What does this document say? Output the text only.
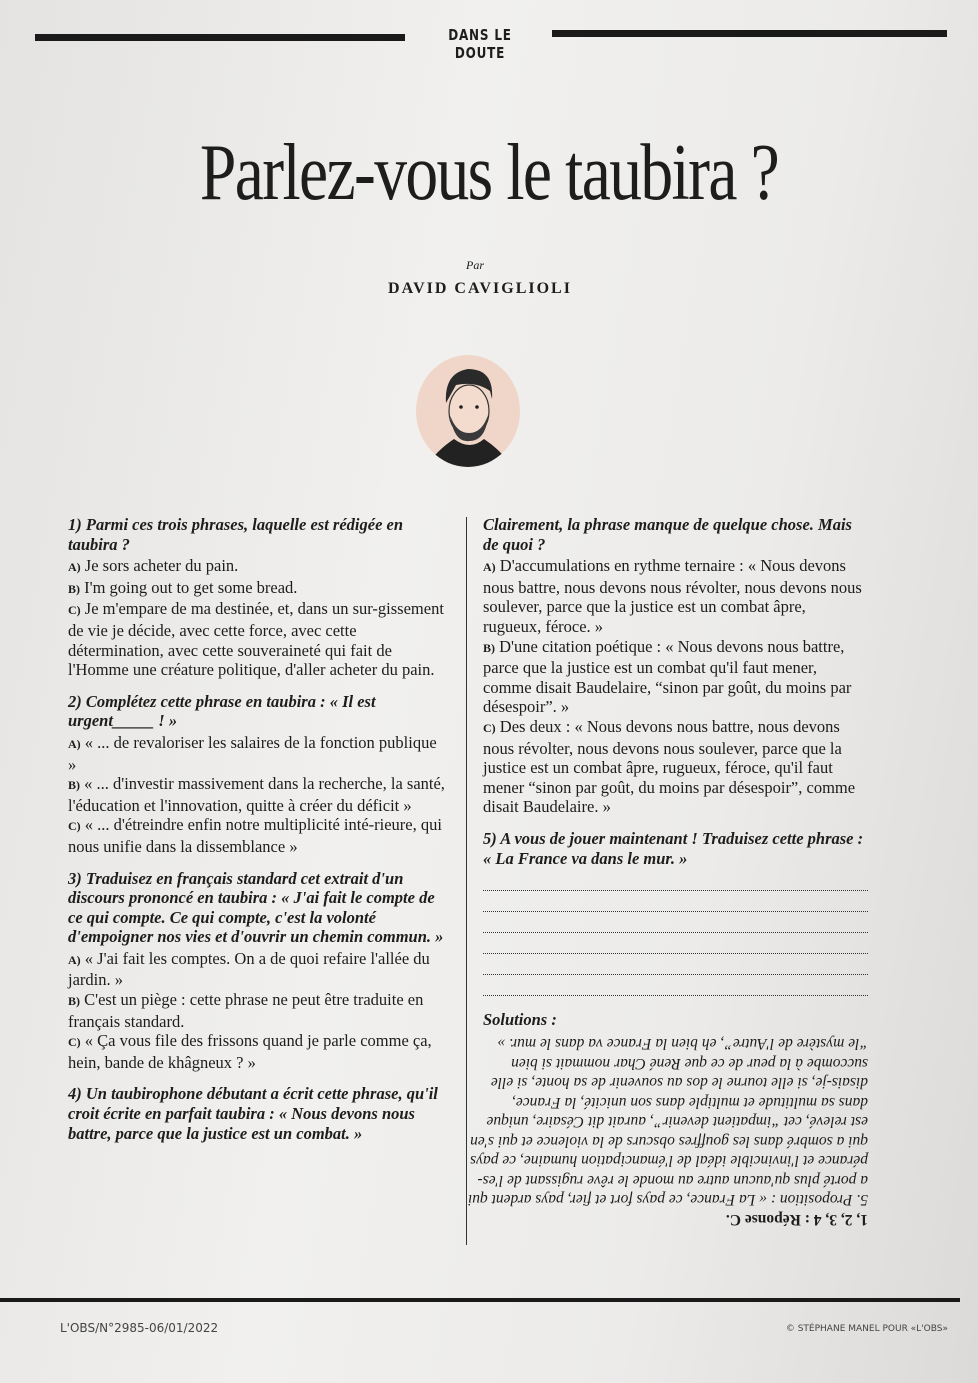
DANS LE DOUTE
Parlez-vous le taubira ?
Par
DAVID CAVIGLIOLI

1) Parmi ces trois phrases, laquelle est rédigée en taubira ?

A) Je sors acheter du pain.

B) I'm going out to get some bread.

C) Je m'empare de ma destinée, et, dans un sur-gissement de vie je décide, avec cette force, avec cette détermination, avec cette souveraineté qui fait de l'Homme une créature politique, d'aller acheter du pain.

2) Complétez cette phrase en taubira : « Il est urgent_____ ! »

A) « ... de revaloriser les salaires de la fonction publique »

B) « ... d'investir massivement dans la recherche, la santé, l'éducation et l'innovation, quitte à créer du déficit »

C) « ... d'étreindre enfin notre multiplicité inté-rieure, qui nous unifie dans la dissemblance »

3) Traduisez en français standard cet extrait d'un discours prononcé en taubira : « J'ai fait le compte de ce qui compte. Ce qui compte, c'est la volonté d'empoigner nos vies et d'ouvrir un chemin commun. »

A) « J'ai fait les comptes. On a de quoi refaire l'allée du jardin. »

B) C'est un piège : cette phrase ne peut être traduite en français standard.

C) « Ça vous file des frissons quand je parle comme ça, hein, bande de khâgneux ? »

4) Un taubirophone débutant a écrit cette phrase, qu'il croit écrite en parfait taubira : « Nous devons nous battre, parce que la justice est un combat. »

Clairement, la phrase manque de quelque chose. Mais de quoi ?

A) D'accumulations en rythme ternaire : « Nous devons nous battre, nous devons nous révolter, nous devons nous soulever, parce que la justice est un combat âpre, rugueux, féroce. »

B) D'une citation poétique : « Nous devons nous battre, parce que la justice est un combat qu'il faut mener, comme disait Baudelaire, “sinon par goût, du moins par désespoir”. »

C) Des deux : « Nous devons nous battre, nous devons nous révolter, nous devons nous soulever, parce que la justice est un combat âpre, rugueux, féroce, qu'il faut mener “sinon par goût, du moins par désespoir”, comme disait Baudelaire. »

5) A vous de jouer maintenant ! Traduisez cette phrase : « La France va dans le mur. »

Solutions :
1, 2, 3, 4 : Réponse C.
5. Proposition : « La France, ce pays fort et fier, pays ardent qui
a porté plus qu'aucun autre au monde le rêve rugissant de l'es-
pérance et l'invincible idéal de l'émancipation humaine, ce pays
qui a sombré dans les gouffres obscurs de la violence et qui s'en
est relevé, cet “impatient devenir”, aurait dit Césaire, unique
dans sa multitude et multiple dans son unicité, la France,
disais-je, si elle tourne le dos au souvenir de sa honte, si elle
succombe à la peur de ce que René Char nommait si bien
“le mystère de l'Autre”, eh bien la France va dans le mur. »
L'OBS/N°2985-06/01/2022	© STÉPHANE MANEL POUR «L'OBS»
